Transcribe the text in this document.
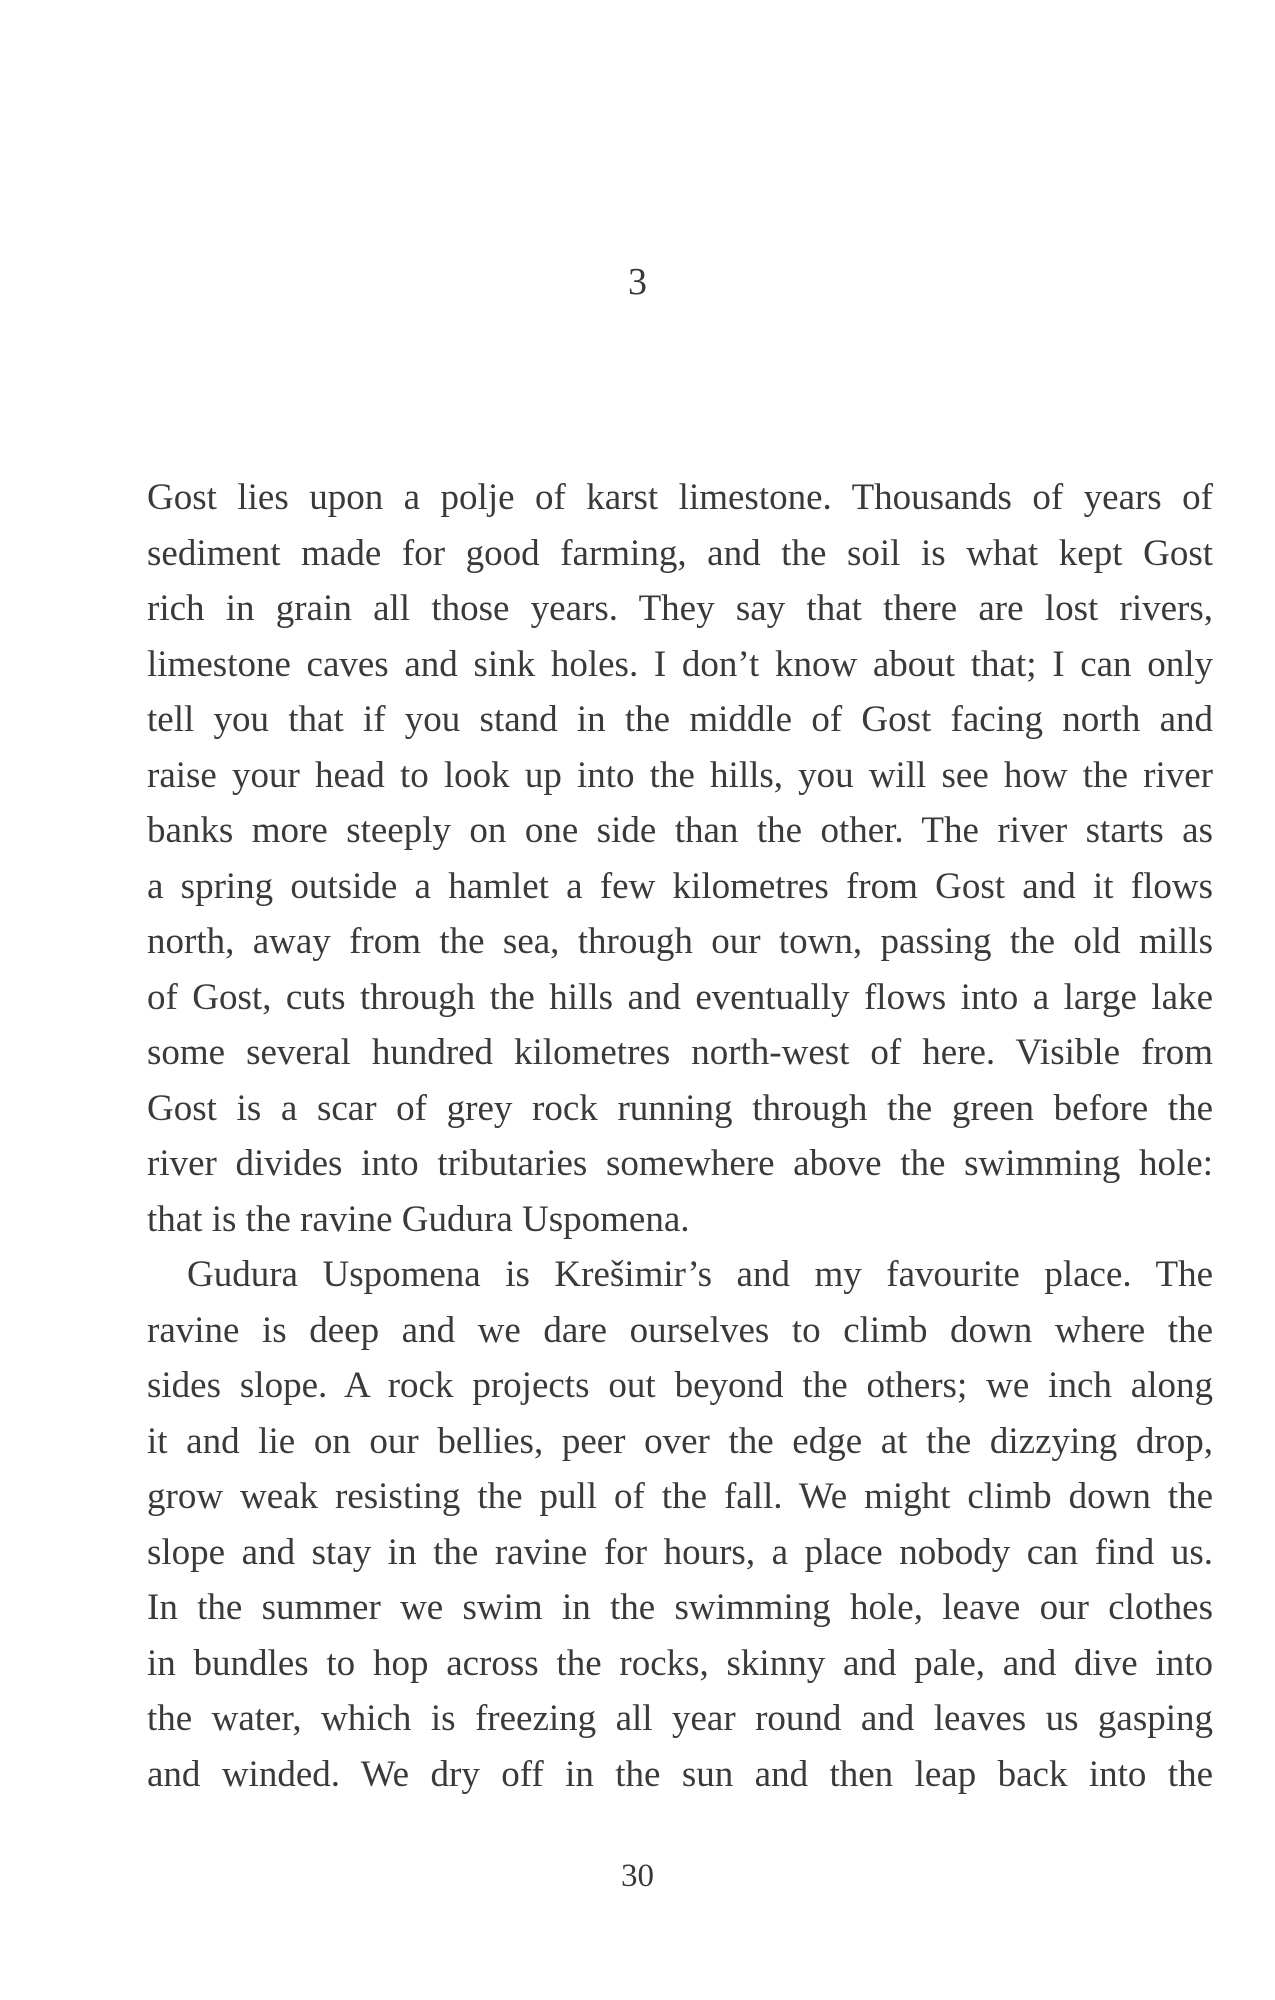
3
Gost lies upon a polje of karst limestone. Thousands of years of
sediment made for good farming, and the soil is what kept Gost
rich in grain all those years. They say that there are lost rivers,
limestone caves and sink holes. I don’t know about that; I can only
tell you that if you stand in the middle of Gost facing north and
raise your head to look up into the hills, you will see how the river
banks more steeply on one side than the other. The river starts as
a spring outside a hamlet a few kilometres from Gost and it flows
north, away from the sea, through our town, passing the old mills
of Gost, cuts through the hills and eventually flows into a large lake
some several hundred kilometres north-west of here. Visible from
Gost is a scar of grey rock running through the green before the
river divides into tributaries somewhere above the swimming hole:
that is the ravine Gudura Uspomena.
Gudura Uspomena is Krešimir’s and my favourite place. The
ravine is deep and we dare ourselves to climb down where the
sides slope. A rock projects out beyond the others; we inch along
it and lie on our bellies, peer over the edge at the dizzying drop,
grow weak resisting the pull of the fall. We might climb down the
slope and stay in the ravine for hours, a place nobody can find us.
In the summer we swim in the swimming hole, leave our clothes
in bundles to hop across the rocks, skinny and pale, and dive into
the water, which is freezing all year round and leaves us gasping
and winded. We dry off in the sun and then leap back into the
30
